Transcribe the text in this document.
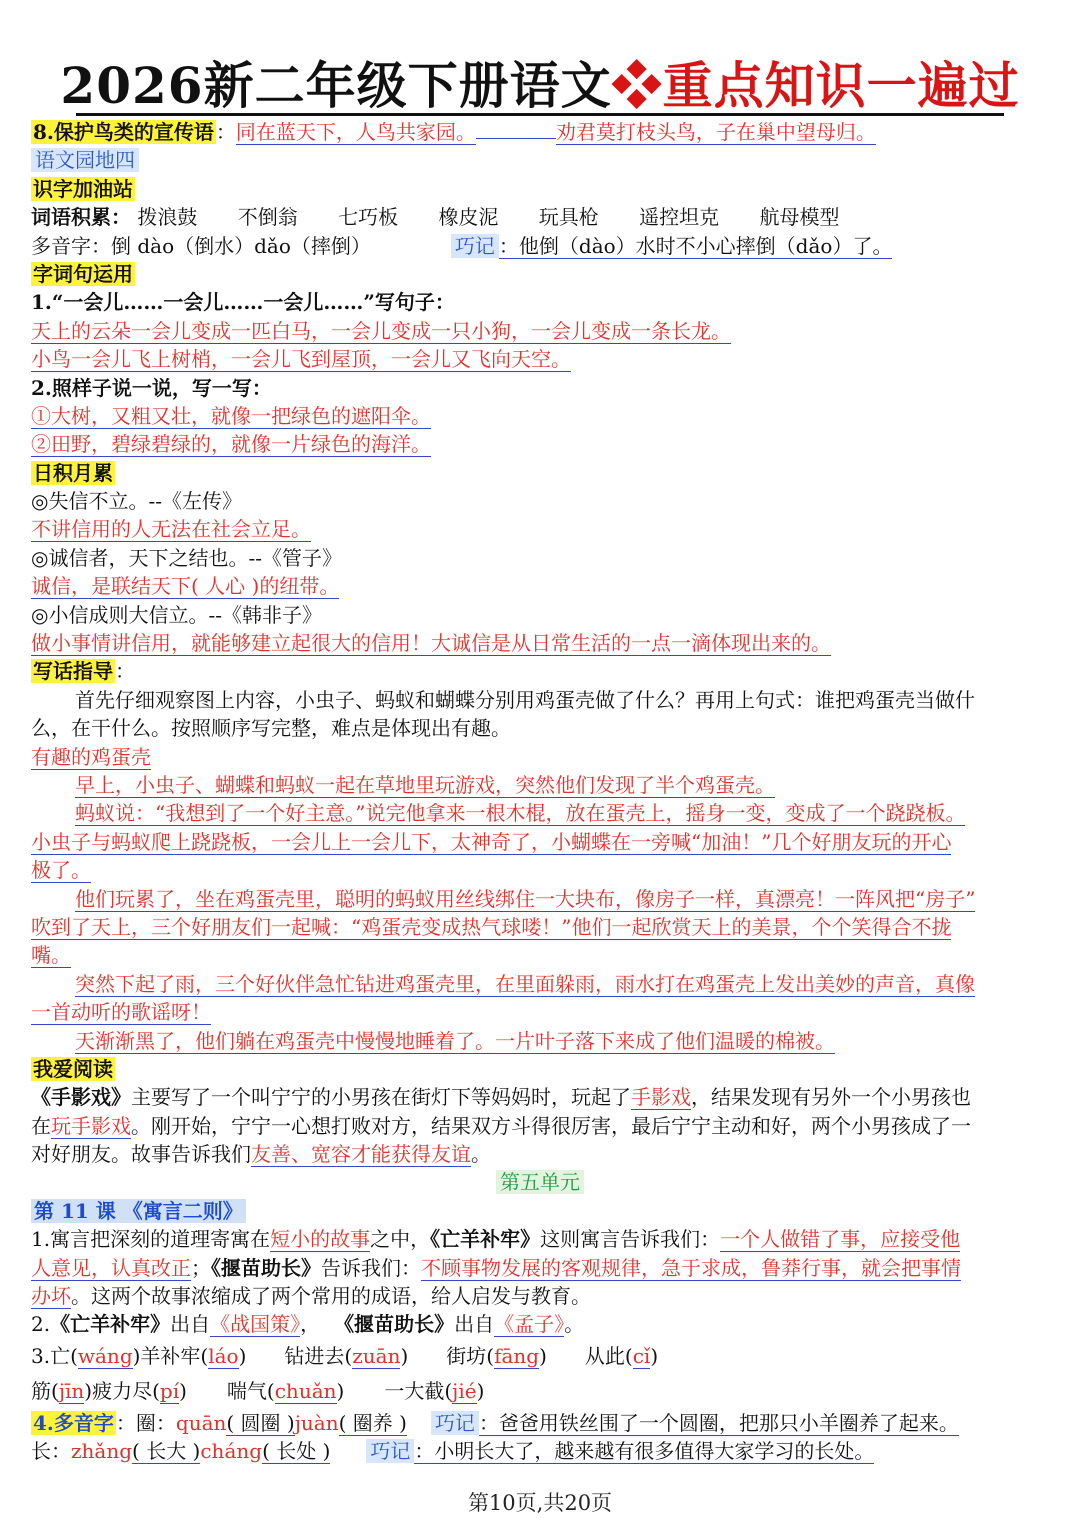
2026新二年级下册语文❖重点知识一遍过
8.保护鸟类的宣传语 ：同在蓝天下，人鸟共家园。	劝君莫打枝头鸟，子在巢中望母归。
语文园地四
识字加油站
词语积累： 拨浪鼓 不倒翁 七巧板 橡皮泥 玩具枪 遥控坦克 航母模型
多音字：倒 dào（倒水）dǎo（摔倒）	巧记 ：他倒（dào）水时不小心摔倒（dǎo）了。
字词句运用
1.“一会儿……一会儿……一会儿……”写句子：
天上的云朵一会儿变成一匹白马，一会儿变成一只小狗，一会儿变成一条长龙。
小鸟一会儿飞上树梢，一会儿飞到屋顶，一会儿又飞向天空。
2.照样子说一说，写一写：
①大树，又粗又壮，就像一把绿色的遮阳伞。
②田野，碧绿碧绿的，就像一片绿色的海洋。
日积月累
◎失信不立。--《左传》
不讲信用的人无法在社会立足。
◎诚信者，天下之结也。--《管子》
诚信，是联结天下( 人心 )的纽带。
◎小信成则大信立。--《韩非子》
做小事情讲信用，就能够建立起很大的信用！大诚信是从日常生活的一点一滴体现出来的。
写话指导 ：
首先仔细观察图上内容，小虫子、蚂蚁和蝴蝶分别用鸡蛋壳做了什么？再用上句式：谁把鸡蛋壳当做什
么，在干什么。按照顺序写完整，难点是体现出有趣。
有趣的鸡蛋壳
早上，小虫子、蝴蝶和蚂蚁一起在草地里玩游戏，突然他们发现了半个鸡蛋壳。
蚂蚁说：“我想到了一个好主意。”说完他拿来一根木棍，放在蛋壳上，摇身一变，变成了一个跷跷板。
小虫子与蚂蚁爬上跷跷板，一会儿上一会儿下，太神奇了，小蝴蝶在一旁喊“加油！”几个好朋友玩的开心
极了。
他们玩累了，坐在鸡蛋壳里，聪明的蚂蚁用丝线绑住一大块布，像房子一样，真漂亮！一阵风把“房子”
吹到了天上，三个好朋友们一起喊：“鸡蛋壳变成热气球喽！”他们一起欣赏天上的美景，个个笑得合不拢
嘴。
突然下起了雨，三个好伙伴急忙钻进鸡蛋壳里，在里面躲雨，雨水打在鸡蛋壳上发出美妙的声音，真像
一首动听的歌谣呀！
天渐渐黑了，他们躺在鸡蛋壳中慢慢地睡着了。一片叶子落下来成了他们温暖的棉被。
我爱阅读
《手影戏》主要写了一个叫宁宁的小男孩在街灯下等妈妈时，玩起了手影戏，结果发现有另外一个小男孩也
在玩手影戏。刚开始，宁宁一心想打败对方，结果双方斗得很厉害，最后宁宁主动和好，两个小男孩成了一
对好朋友。故事告诉我们友善、宽容才能获得友谊。
第五单元
第 11 课 《寓言二则》
1.寓言把深刻的道理寄寓在短小的故事之中，《亡羊补牢》这则寓言告诉我们：一个人做错了事，应接受他
人意见，认真改正；《揠苗助长》告诉我们：不顾事物发展的客观规律，急于求成，鲁莽行事，就会把事情
办坏。这两个故事浓缩成了两个常用的成语，给人启发与教育。
2.《亡羊补牢》出自《战国策》， 《揠苗助长》出自《孟子》。
3.亡(wáng)羊补牢(láo) 钻进去(zuān) 街坊(fāng) 从此(cǐ)
筋(jīn)疲力尽(pí) 喘气(chuǎn) 一大截(jié)
4.多音字 ：圈：quān( 圆圈 )juàn( 圈养 ) 巧记 ：爸爸用铁丝围了一个圆圈，把那只小羊圈养了起来。
长：zhǎng( 长大 )cháng( 长处 ) 巧记 ：小明长大了，越来越有很多值得大家学习的长处。
第10页,共20页
